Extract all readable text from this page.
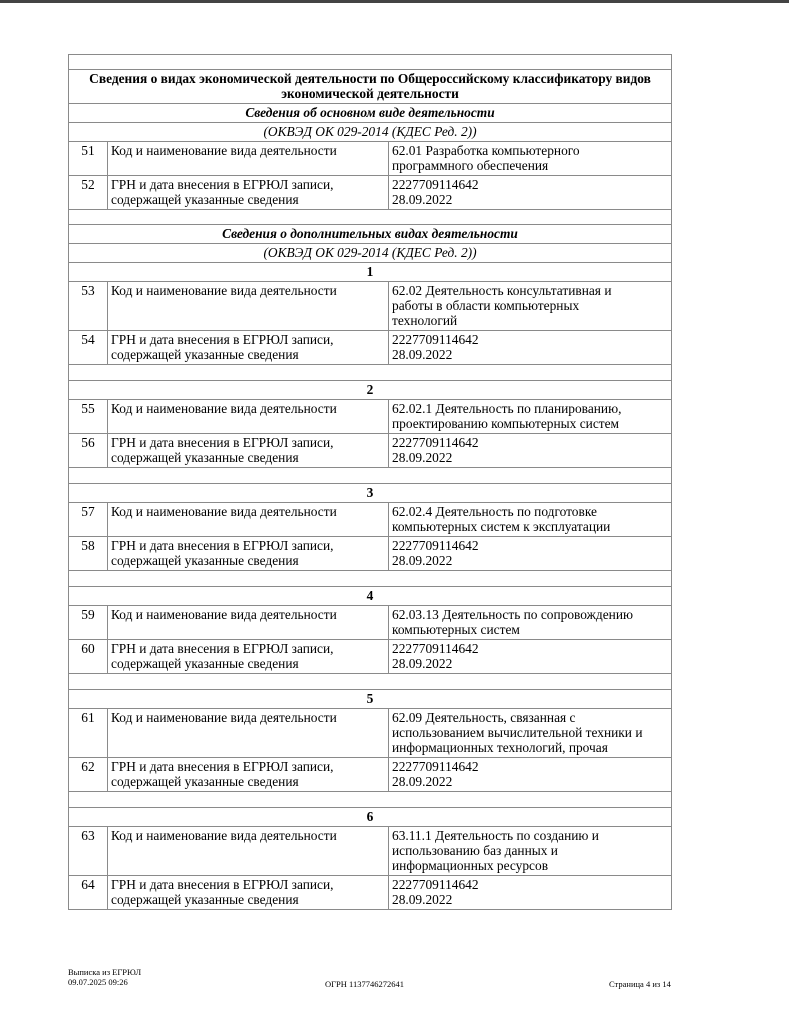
Сведения о видах экономической деятельности по Общероссийскому классификатору видов экономической деятельности		
Сведения об основном виде деятельности		
(ОКВЭД ОК 029-2014 (КДЕС Ред. 2))		
51	Код и наименование вида деятельности	62.01 Разработка компьютерного
программного обеспечения
52	ГРН и дата внесения в ЕГРЮЛ записи,
содержащей указанные сведения	2227709114642
28.09.2022

Сведения о дополнительных видах деятельности		
(ОКВЭД ОК 029-2014 (КДЕС Ред. 2))		
1		
53	Код и наименование вида деятельности	62.02 Деятельность консультативная и
работы в области компьютерных
технологий
54	ГРН и дата внесения в ЕГРЮЛ записи,
содержащей указанные сведения	2227709114642
28.09.2022

2		
55	Код и наименование вида деятельности	62.02.1 Деятельность по планированию,
проектированию компьютерных систем
56	ГРН и дата внесения в ЕГРЮЛ записи,
содержащей указанные сведения	2227709114642
28.09.2022

3		
57	Код и наименование вида деятельности	62.02.4 Деятельность по подготовке
компьютерных систем к эксплуатации
58	ГРН и дата внесения в ЕГРЮЛ записи,
содержащей указанные сведения	2227709114642
28.09.2022

4		
59	Код и наименование вида деятельности	62.03.13 Деятельность по сопровождению
компьютерных систем
60	ГРН и дата внесения в ЕГРЮЛ записи,
содержащей указанные сведения	2227709114642
28.09.2022

5		
61	Код и наименование вида деятельности	62.09 Деятельность, связанная с
использованием вычислительной техники и
информационных технологий, прочая
62	ГРН и дата внесения в ЕГРЮЛ записи,
содержащей указанные сведения	2227709114642
28.09.2022

6		
63	Код и наименование вида деятельности	63.11.1 Деятельность по созданию и
использованию баз данных и
информационных ресурсов
64	ГРН и дата внесения в ЕГРЮЛ записи,
содержащей указанные сведения	2227709114642
28.09.2022
Выписка из ЕГРЮЛ
09.07.2025 09:26	ОГРН 1137746272641	Страница 4 из 14
